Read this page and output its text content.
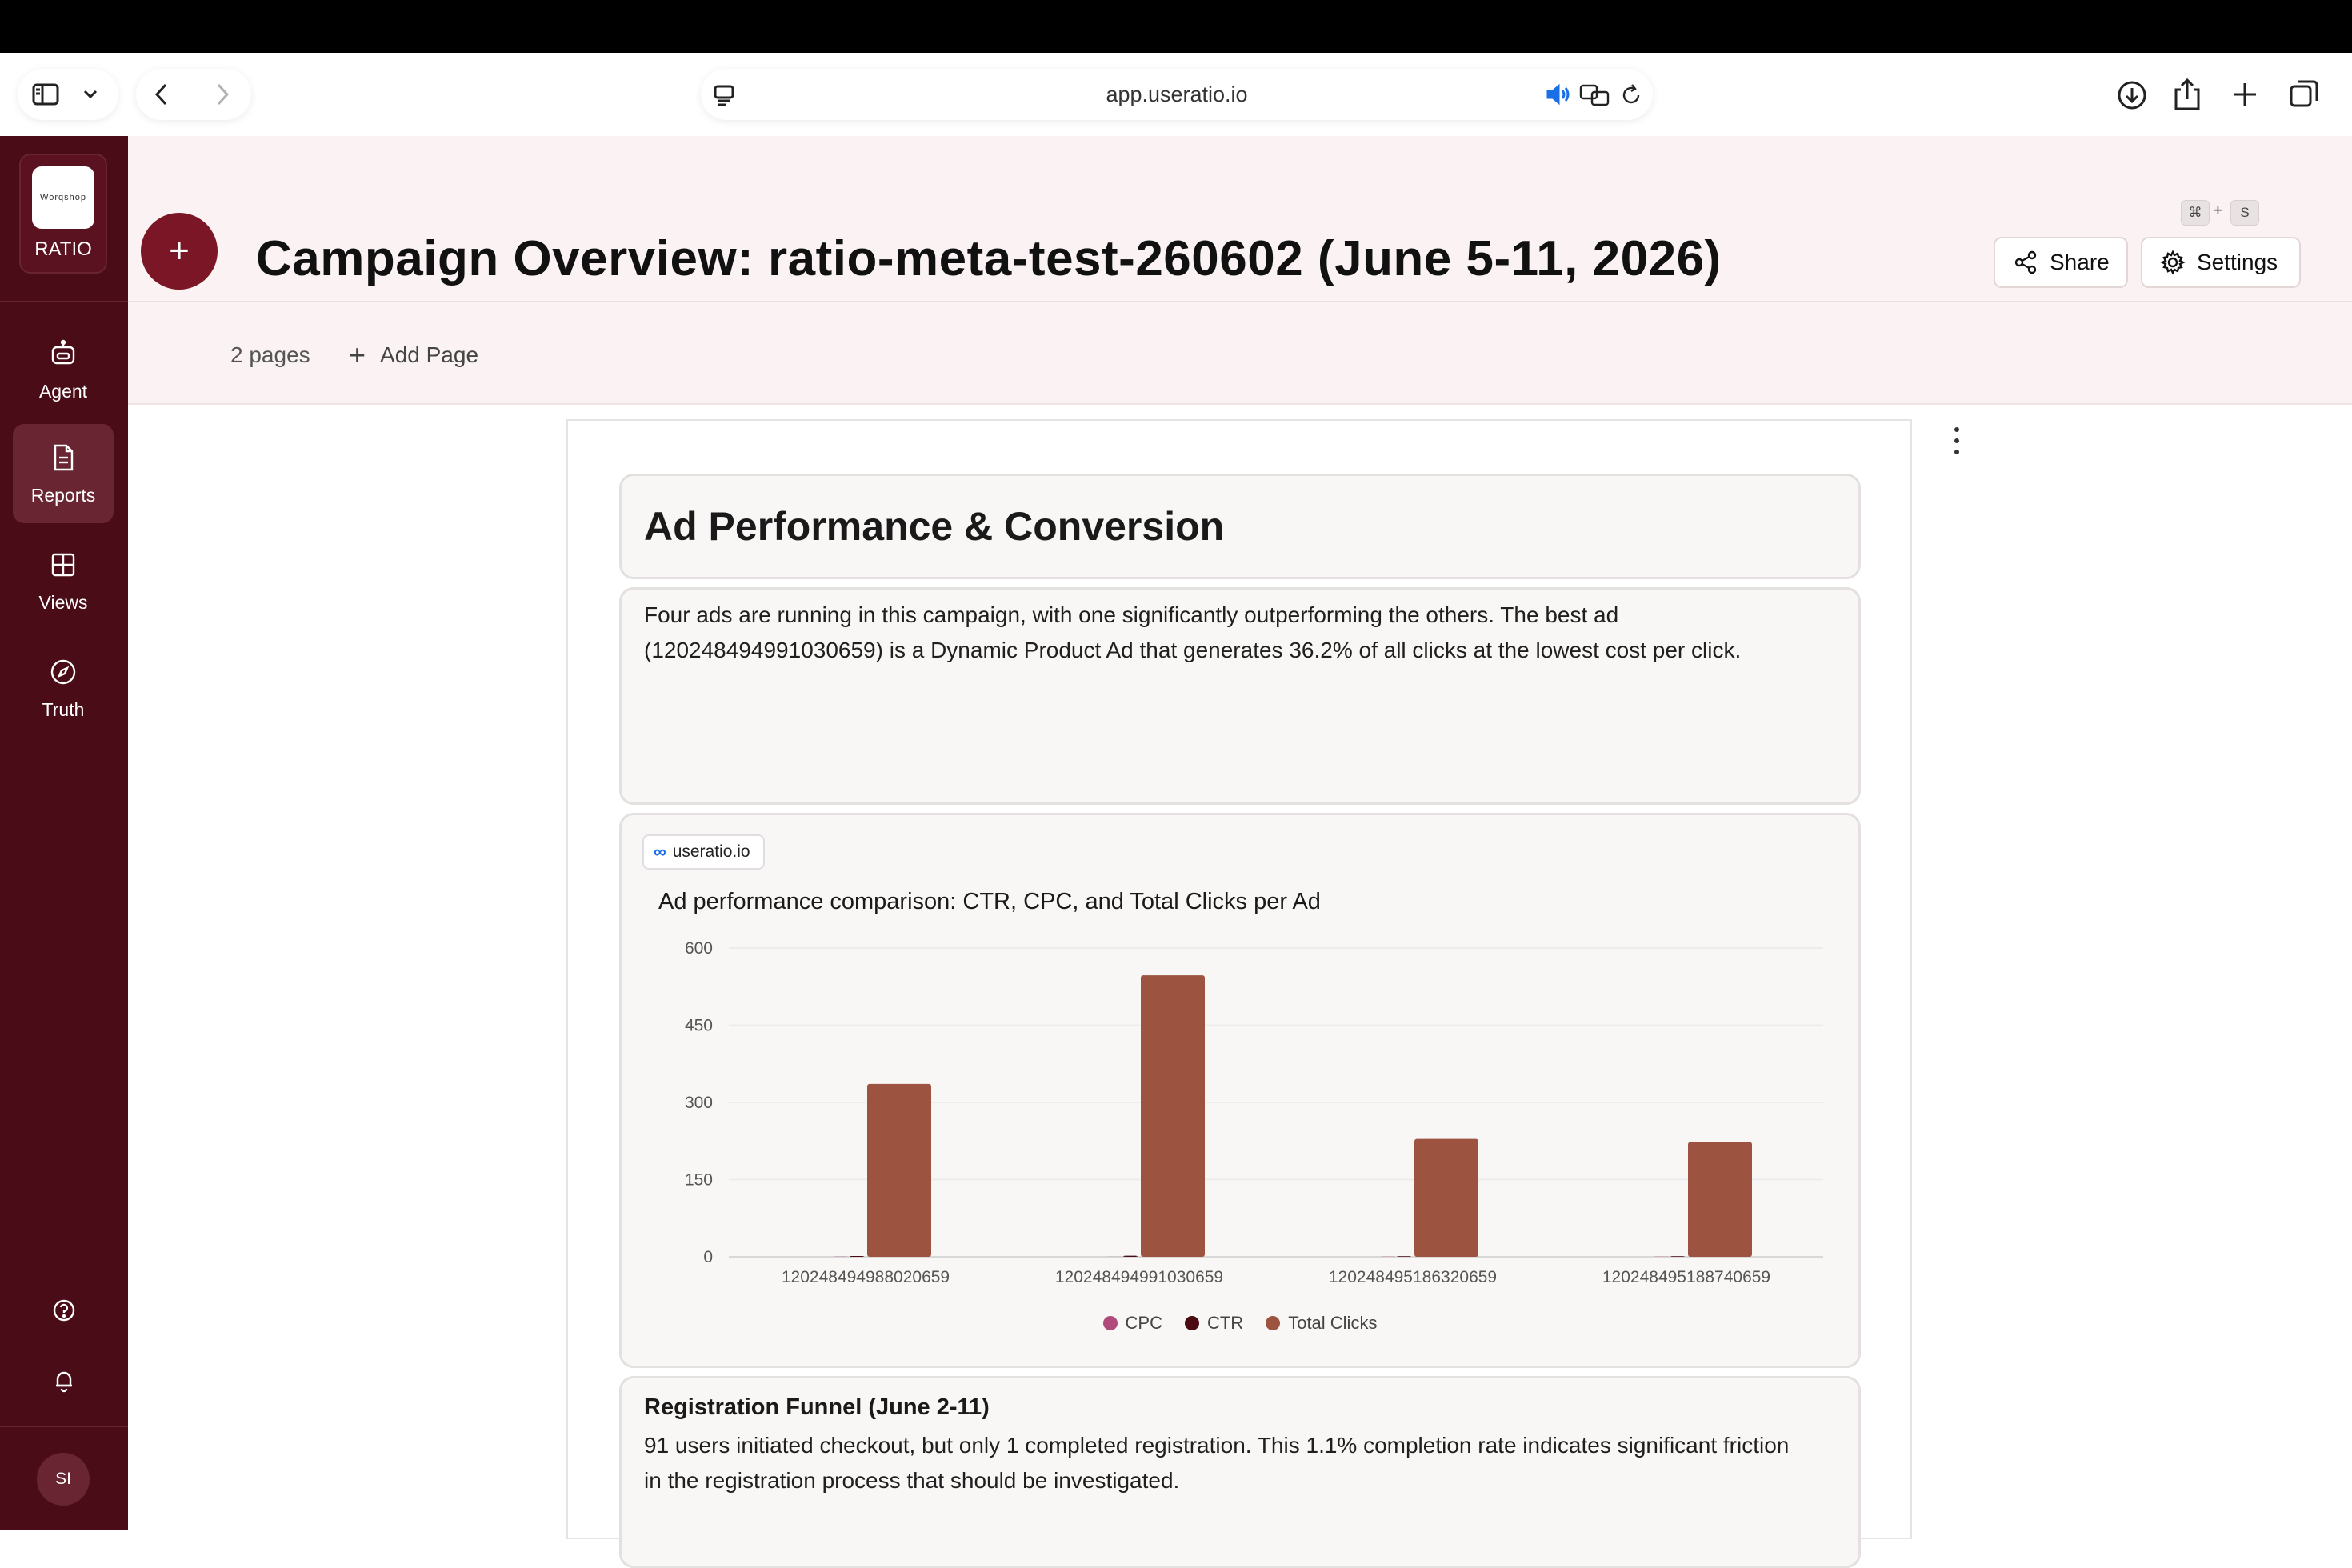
app.useratio.io
Worqshop
RATIO
Agent
Reports
Views
Truth
SI
+	Campaign Overview: ratio-meta-test-260602 (June 5-11, 2026)
⌘ +	S
Share	Settings
2 pages + Add Page
Ad Performance & Conversion
Four ads are running in this campaign, with one significantly outperforming the others. The best ad
(120248494991030659) is a Dynamic Product Ad that generates 36.2% of all clicks at the lowest cost per click.
∞ useratio.io
Ad performance comparison: CTR, CPC, and Total Clicks per Ad
0
150
300
450
600
120248494988020659	120248494991030659	120248495186320659	120248495188740659
CPC	CTR	Total Clicks
Registration Funnel (June 2-11)
91 users initiated checkout, but only 1 completed registration. This 1.1% completion rate indicates significant friction
in the registration process that should be investigated.
